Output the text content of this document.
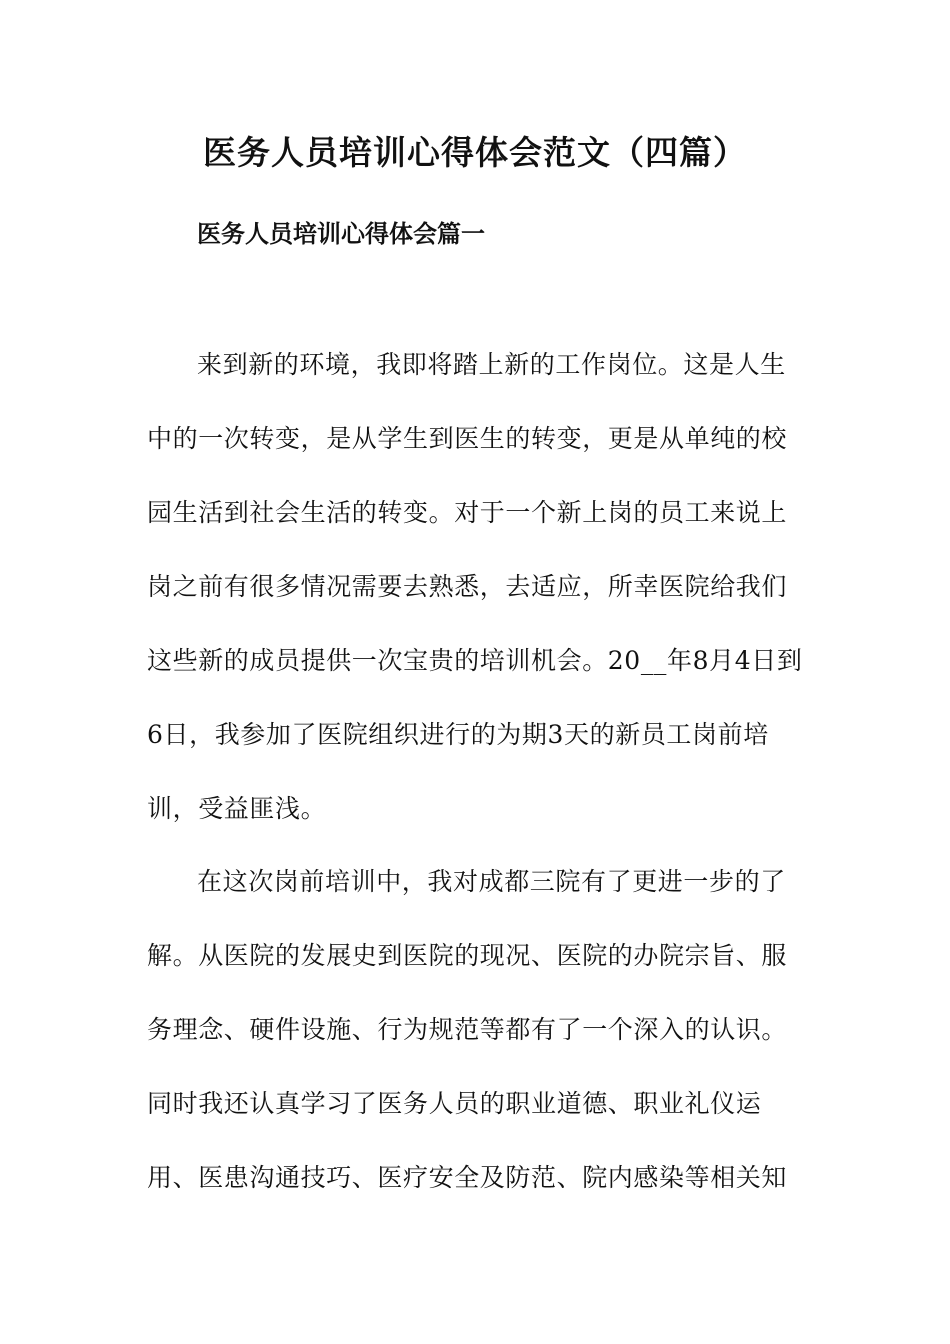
医务人员培训心得体会范文（四篇）
医务人员培训心得体会篇一
来到新的环境，我即将踏上新的工作岗位。这是人生
中的一次转变，是从学生到医生的转变，更是从单纯的校
园生活到社会生活的转变。对于一个新上岗的员工来说上
岗之前有很多情况需要去熟悉，去适应，所幸医院给我们
这些新的成员提供一次宝贵的培训机会。20__年8月4日到
6日，我参加了医院组织进行的为期3天的新员工岗前培
训，受益匪浅。
在这次岗前培训中，我对成都三院有了更进一步的了
解。从医院的发展史到医院的现况、医院的办院宗旨、服
务理念、硬件设施、行为规范等都有了一个深入的认识。
同时我还认真学习了医务人员的职业道德、职业礼仪运
用、医患沟通技巧、医疗安全及防范、院内感染等相关知
